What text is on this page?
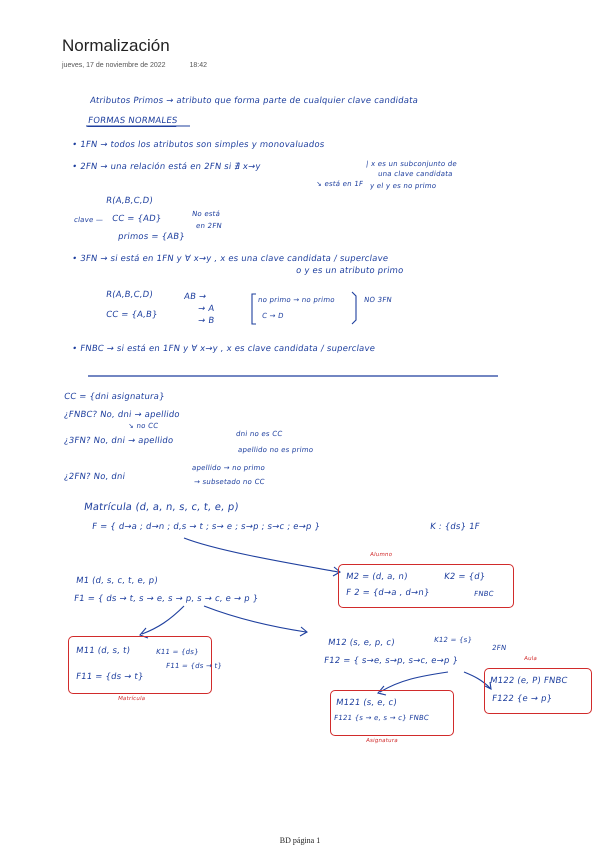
Normalización
jueves, 17 de noviembre de 2022	18:42
Atributos Primos → atributo que forma parte de cualquier clave candidata
FORMAS NORMALES
• 1FN → todos los atributos son simples y monovaluados
• 2FN → una relación está en 2FN si ∄ x→y	| x es un subconjunto de
una clave candidata
↘ está en 1F y el y es no primo
R(A,B,C,D)
clave — CC = {AD}	No está
en 2FN
primos = {AB}
• 3FN → si está en 1FN y ∀ x→y , x es una clave candidata / superclave
o y es un atributo primo
R(A,B,C,D)	AB →
→ A
→ B
no primo → no primo
C → D
NO 3FN
CC = {A,B}
• FNBC → si está en 1FN y ∀ x→y , x es clave candidata / superclave
CC = {dni asignatura}
¿FNBC? No, dni → apellido
↘ no CC
¿3FN? No, dni → apellido
dni no es CC
apellido no es primo
¿2FN? No, dni
apellido → no primo
→ subsetado no CC
Matrícula (d, a, n, s, c, t, e, p)
F = { d→a ; d→n ; d,s → t ; s→ e ; s→p ; s→c ; e→p }	K : {ds} 1F
Alumno
M2 = (d, a, n)	K2 = {d}
F 2 = {d→a , d→n}	FNBC
M1 (d, s, c, t, e, p)
F1 = { ds → t, s → e, s → p, s → c, e → p }
M11 (d, s, t)	K11 = {ds}
F11 = {ds → t}
F11 = {ds → t}
Matrícula
M12 (s, e, p, c)	K12 = {s}
2FN
F12 = { s→e, s→p, s→c, e→p }	Aula
M122 (e, P) FNBC
F122 {e → p}
M121 (s, e, c)
F121 {s → e, s → c} FNBC
Asignatura
BD página 1
